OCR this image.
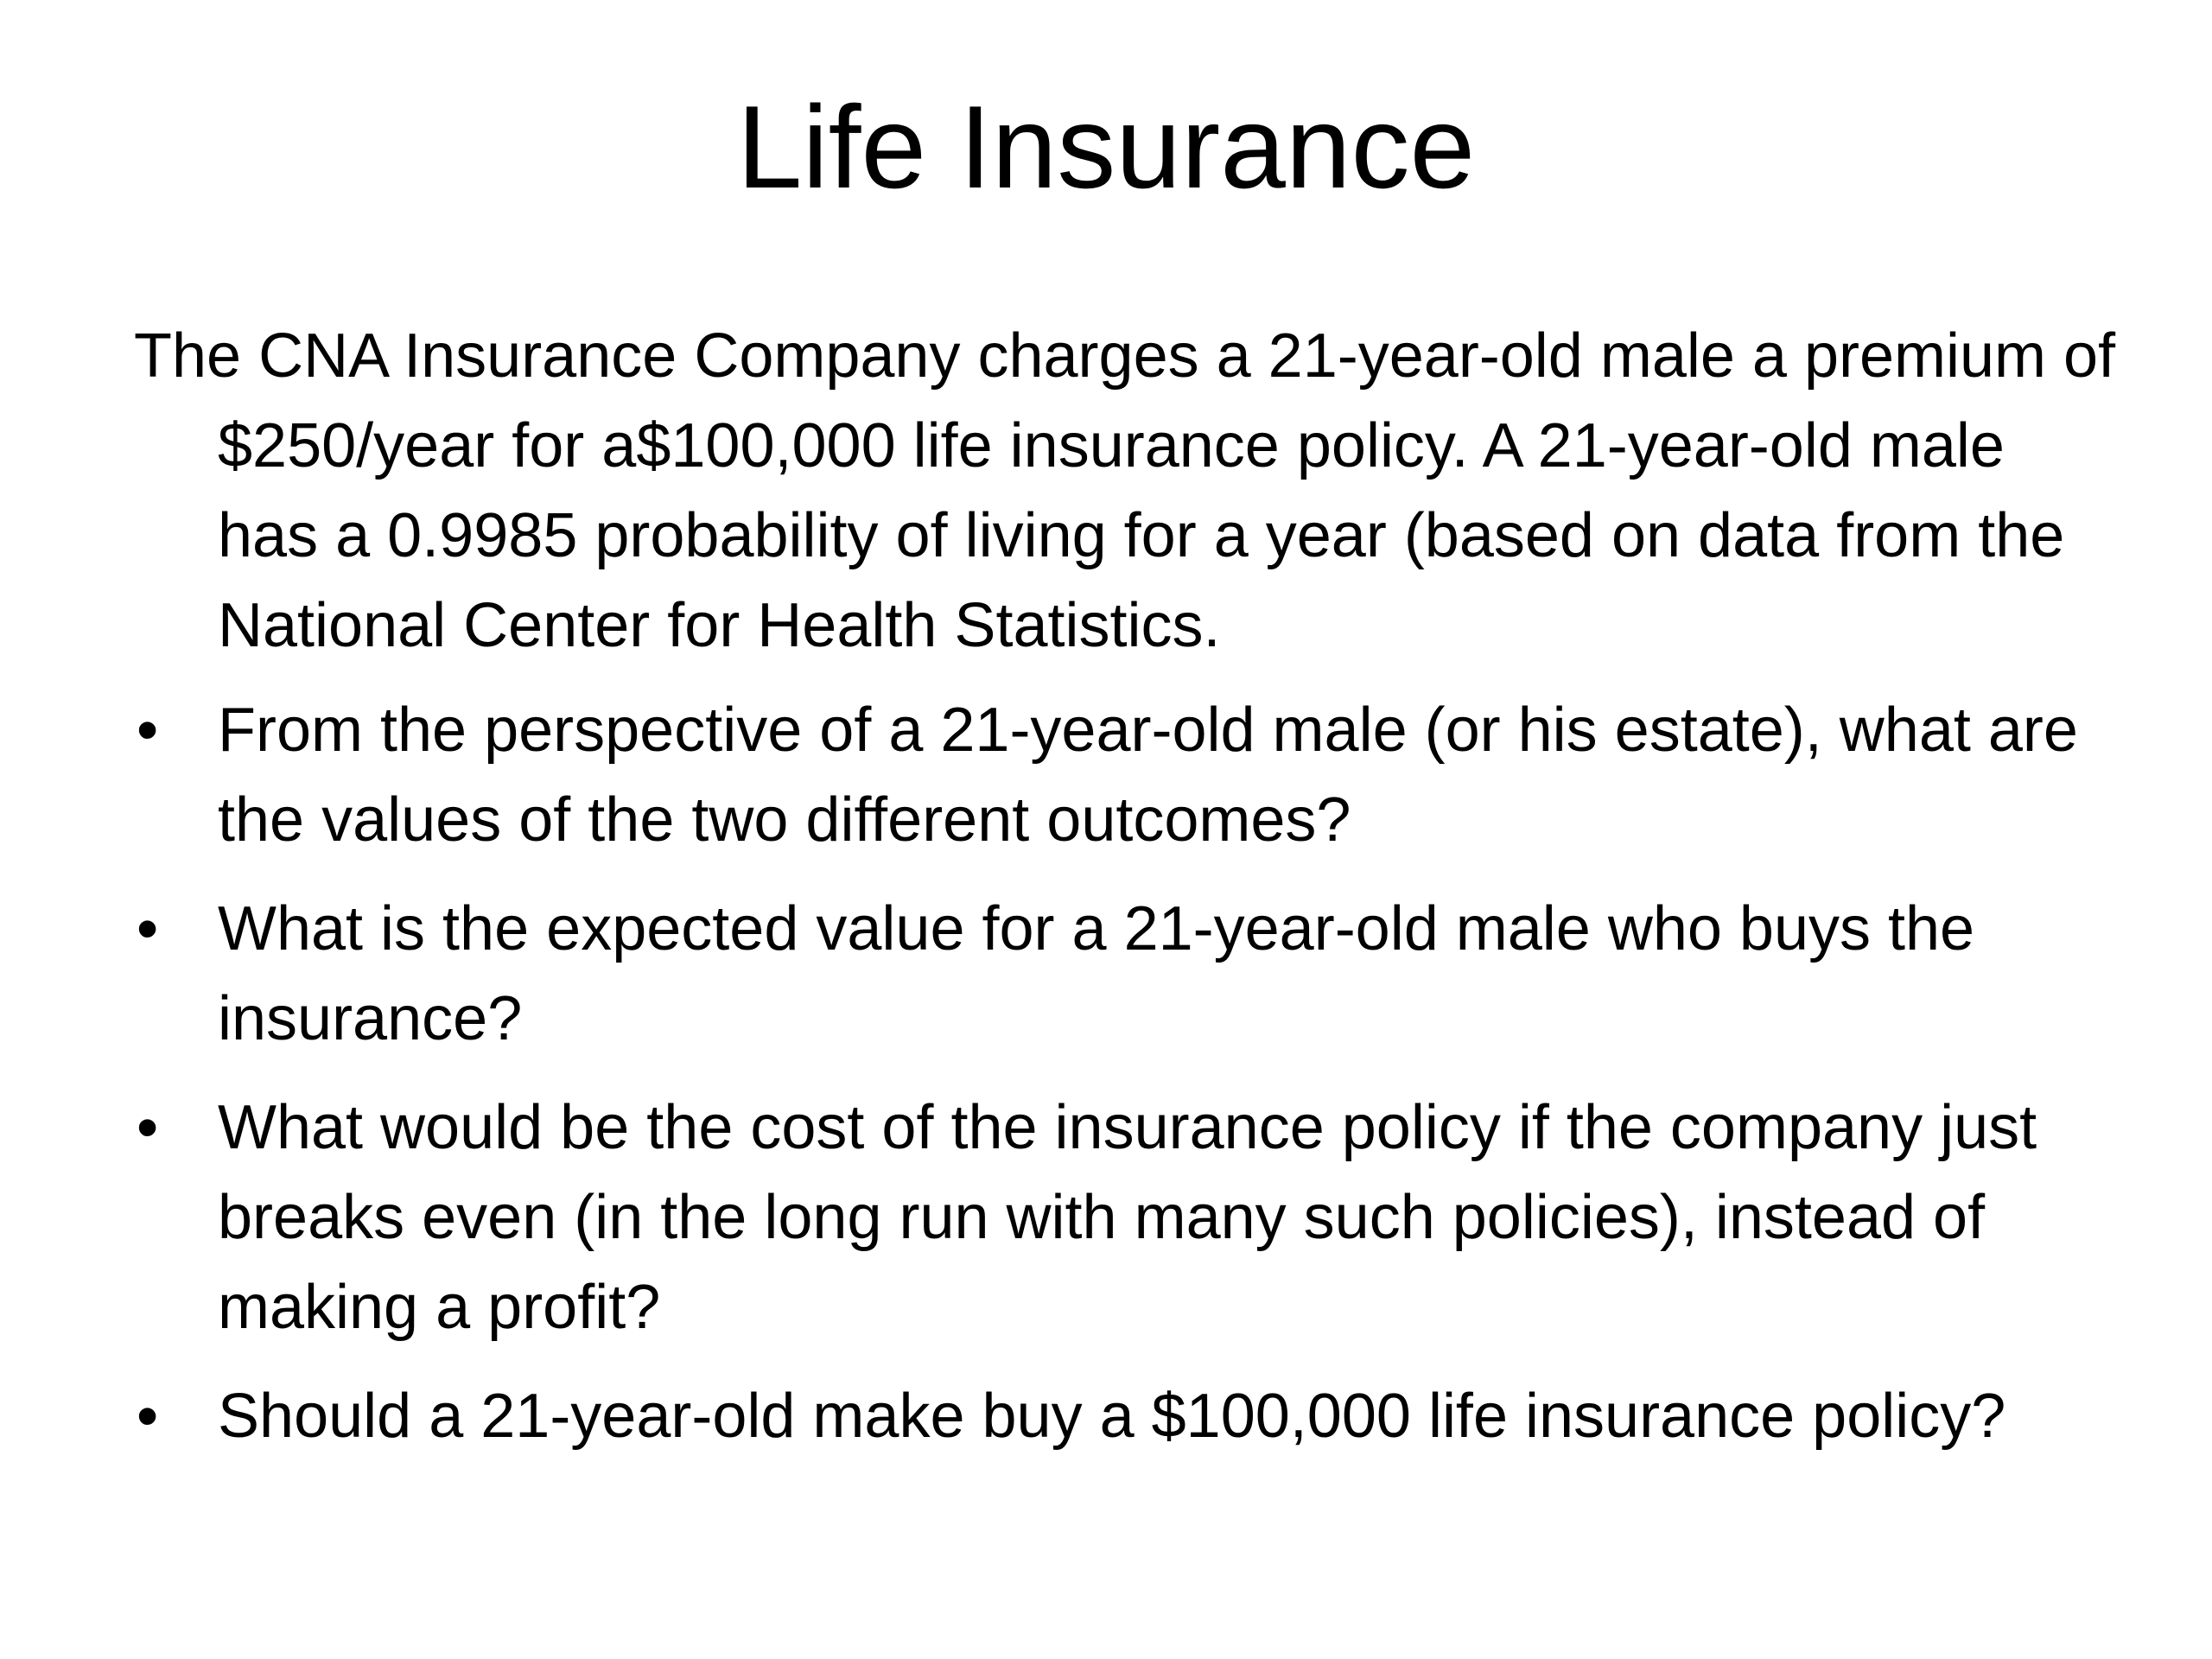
Life Insurance

The CNA Insurance Company charges a 21-year-old male a premium of $250/year for a$100,000 life insurance policy. A 21-year-old male has a 0.9985 probability of living for a year (based on data from the National Center for Health Statistics.

• From the perspective of a 21-year-old male (or his estate), what are the values of the two different outcomes?
• What is the expected value for a 21-year-old male who buys the insurance?
• What would be the cost of the insurance policy if the company just breaks even (in the long run with many such policies), instead of making a profit?
• Should a 21-year-old make buy a $100,000 life insurance policy?
